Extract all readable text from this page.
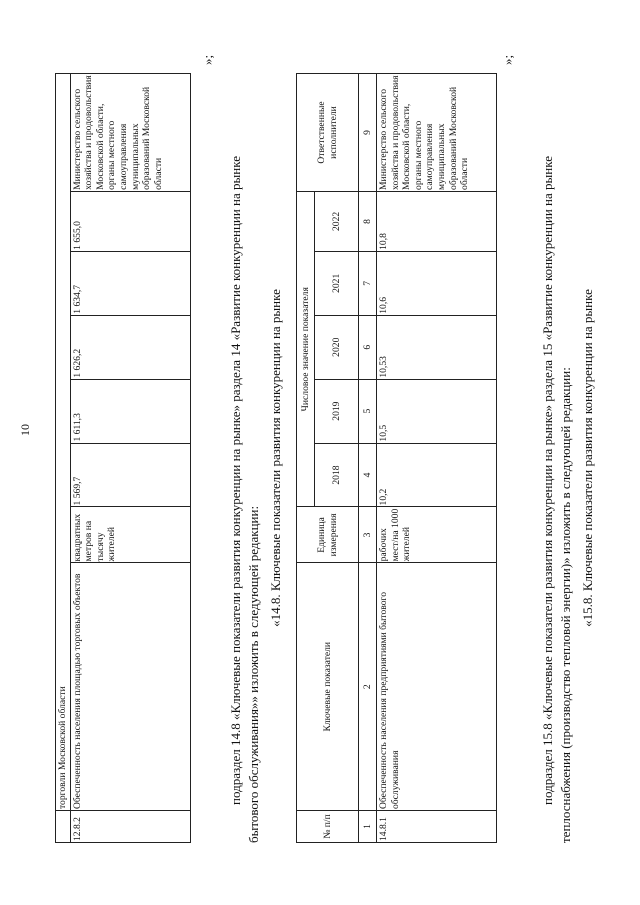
	торговли Московской области							
12.8.2	Обеспеченность населения площадью торговых объектов	квадратных метров на тысячу жителей	1 569,7	1 611,3	1 626,2	1 634,7	1 655,0	Министерство сельского хозяйства и продовольствия Московской области, органы местного самоуправления муниципальных образований Московской области
»;
подраздел 14.8 «Ключевые показатели развития конкуренции на рынке» раздела 14 «Развитие конкуренции на рынке бытового обслуживания»» изложить в следующей редакции:
«14.8. Ключевые показатели развития конкуренции на рынке
№ п/п	Ключевые показатели	Единица измерения	Числовое значение показателя					Ответственные исполнители
			2018	2019	2020	2021	2022	
1	2	3	4	5	6	7	8	9
14.8.1	Обеспеченность населения предприятиями бытового обслуживания	рабочих мест/на 1000 жителей	10,2	10,5	10,53	10,6	10,8	Министерство сельского хозяйства и продовольствия Московской области, органы местного самоуправления муниципальных образований Московской области
»;
подраздел 15.8 «Ключевые показатели развития конкуренции на рынке» раздела 15 «Развитие конкуренции на рынке теплоснабжения (производство тепловой энергии)» изложить в следующей редакции: «15.8. Ключевые показатели развития конкуренции на рынке
10
